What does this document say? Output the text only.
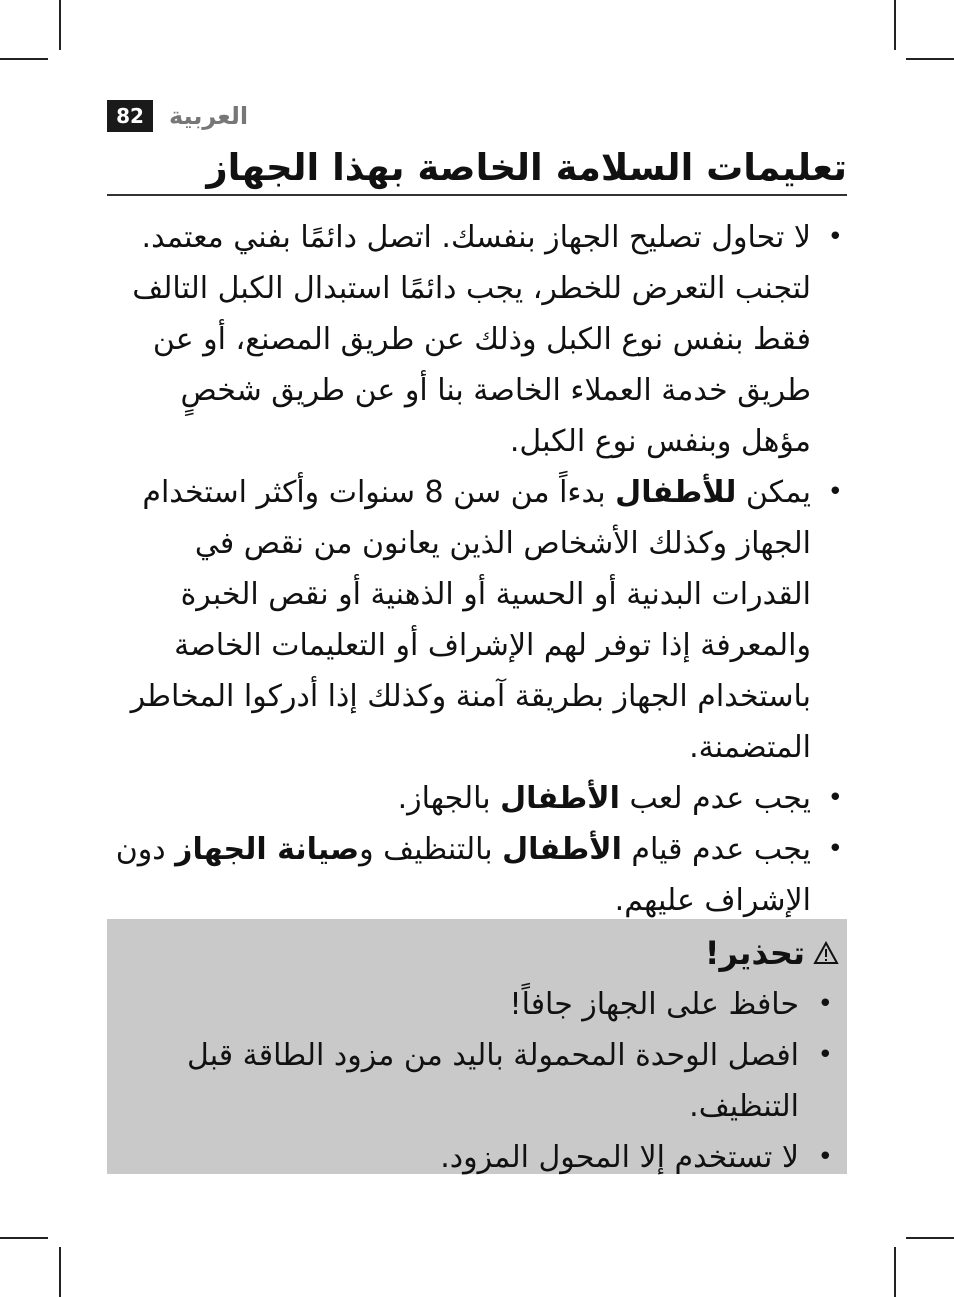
82	العربية
تعليمات السلامة الخاصة بهذا الجهاز
•
لا تحاول تصليح الجهاز بنفسك. اتصل دائمًا بفني معتمد. لتجنب التعرض للخطر، يجب دائمًا استبدال الكبل التالف فقط بنفس نوع الكبل وذلك عن طريق المصنع، أو عن طريق خدمة العملاء الخاصة بنا أو عن طريق شخصٍ مؤهل وبنفس نوع الكبل.
•
يمكن للأطفال بدءاً من سن 8 سنوات وأكثر استخدام الجهاز وكذلك الأشخاص الذين يعانون من نقص في القدرات البدنية أو الحسية أو الذهنية أو نقص الخبرة والمعرفة إذا توفر لهم الإشراف أو التعليمات الخاصة باستخدام الجهاز بطريقة آمنة وكذلك إذا أدركوا المخاطر المتضمنة.
•
يجب عدم لعب الأطفال بالجهاز.
•
يجب عدم قيام الأطفال بالتنظيف وصيانة الجهاز دون الإشراف عليهم.
تحذير!
•
حافظ على الجهاز جافاً!
•
افصل الوحدة المحمولة باليد من مزود الطاقة قبل التنظيف.
•
لا تستخدم إلا المحول المزود.
